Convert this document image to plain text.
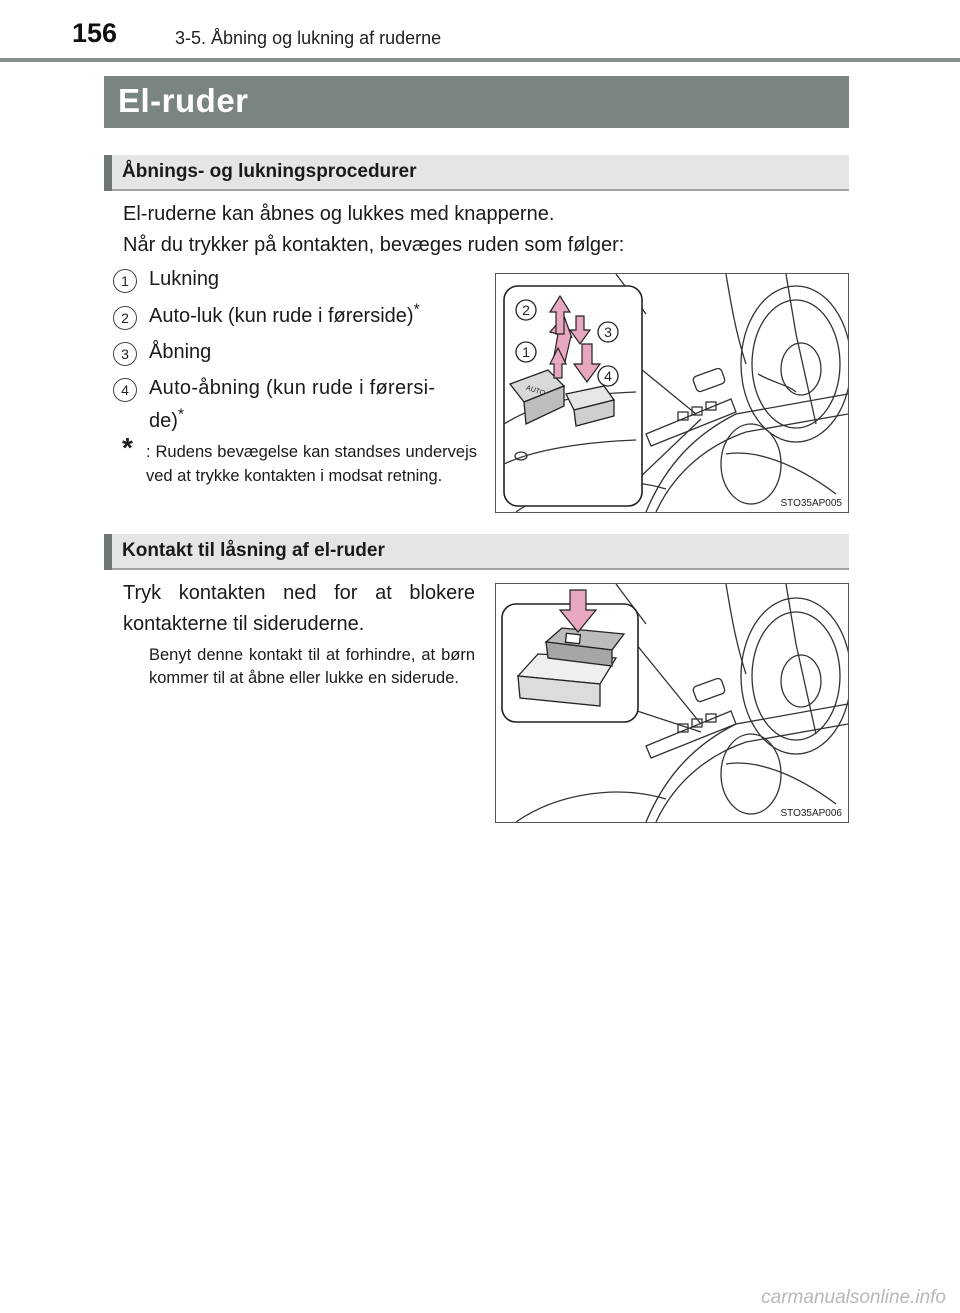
156	3-5. Åbning og lukning af ruderne
El-ruder
Åbnings- og lukningsprocedurer
El-ruderne kan åbnes og lukkes med knapperne.
Når du trykker på kontakten, bevæges ruden som følger:
1	Lukning
2	Auto-luk (kun rude i førerside)*
3	Åbning
4	Auto-åbning (kun rude i førersi-
de)*
* : Rudens bevægelse kan standses undervejs ved at trykke kontakten i modsat retning.
AUTO
2
3
1
4
STO35AP005
Kontakt til låsning af el-ruder
Tryk kontakten ned for at blokere kontakterne til sideruderne.
Benyt denne kontakt til at forhindre, at børn kommer til at åbne eller lukke en siderude.
STO35AP006
carmanualsonline.info
